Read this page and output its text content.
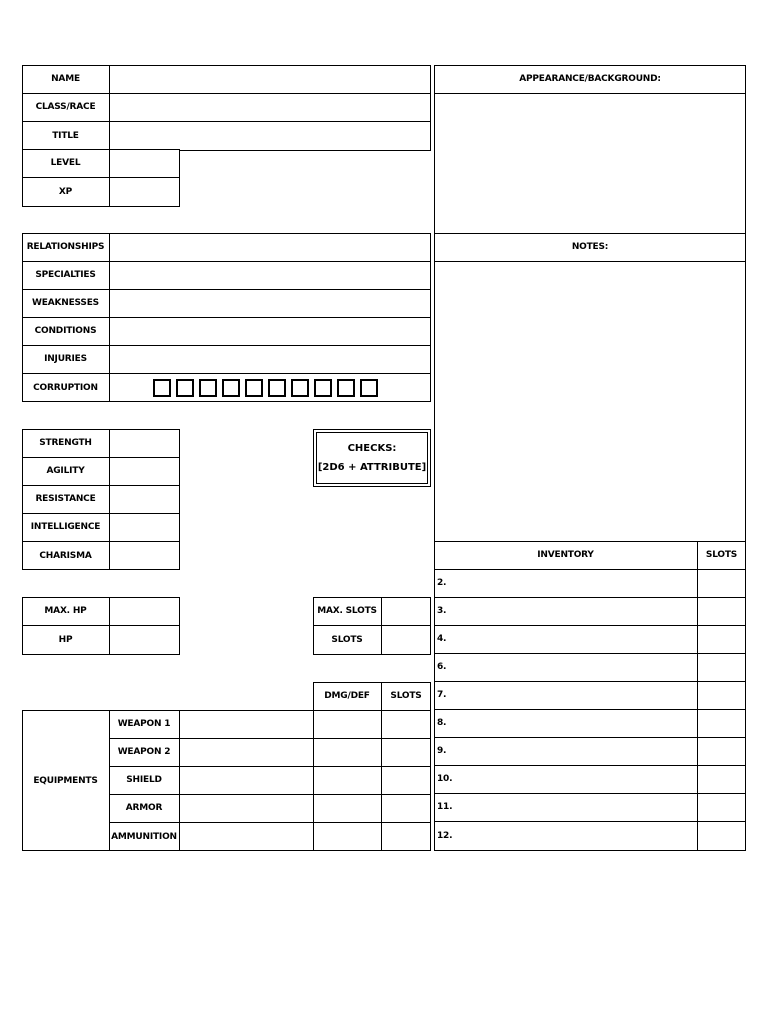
NAME
CLASS/RACE
TITLE
LEVEL
XP
RELATIONSHIPS
SPECIALTIES
WEAKNESSES
CONDITIONS
INJURIES
CORRUPTION
STRENGTH
AGILITY
RESISTANCE
INTELLIGENCE
CHARISMA
CHECKS:
[2D6 + ATTRIBUTE]
MAX. HP
HP
MAX. SLOTS
SLOTS
DMG/DEF	SLOTS
EQUIPMENTS
WEAPON 1
WEAPON 2
SHIELD
ARMOR
AMMUNITION
APPEARANCE/BACKGROUND:
NOTES:
INVENTORY	SLOTS
2.
3.
4.
6.
7.
8.
9.
10.
11.
12.
